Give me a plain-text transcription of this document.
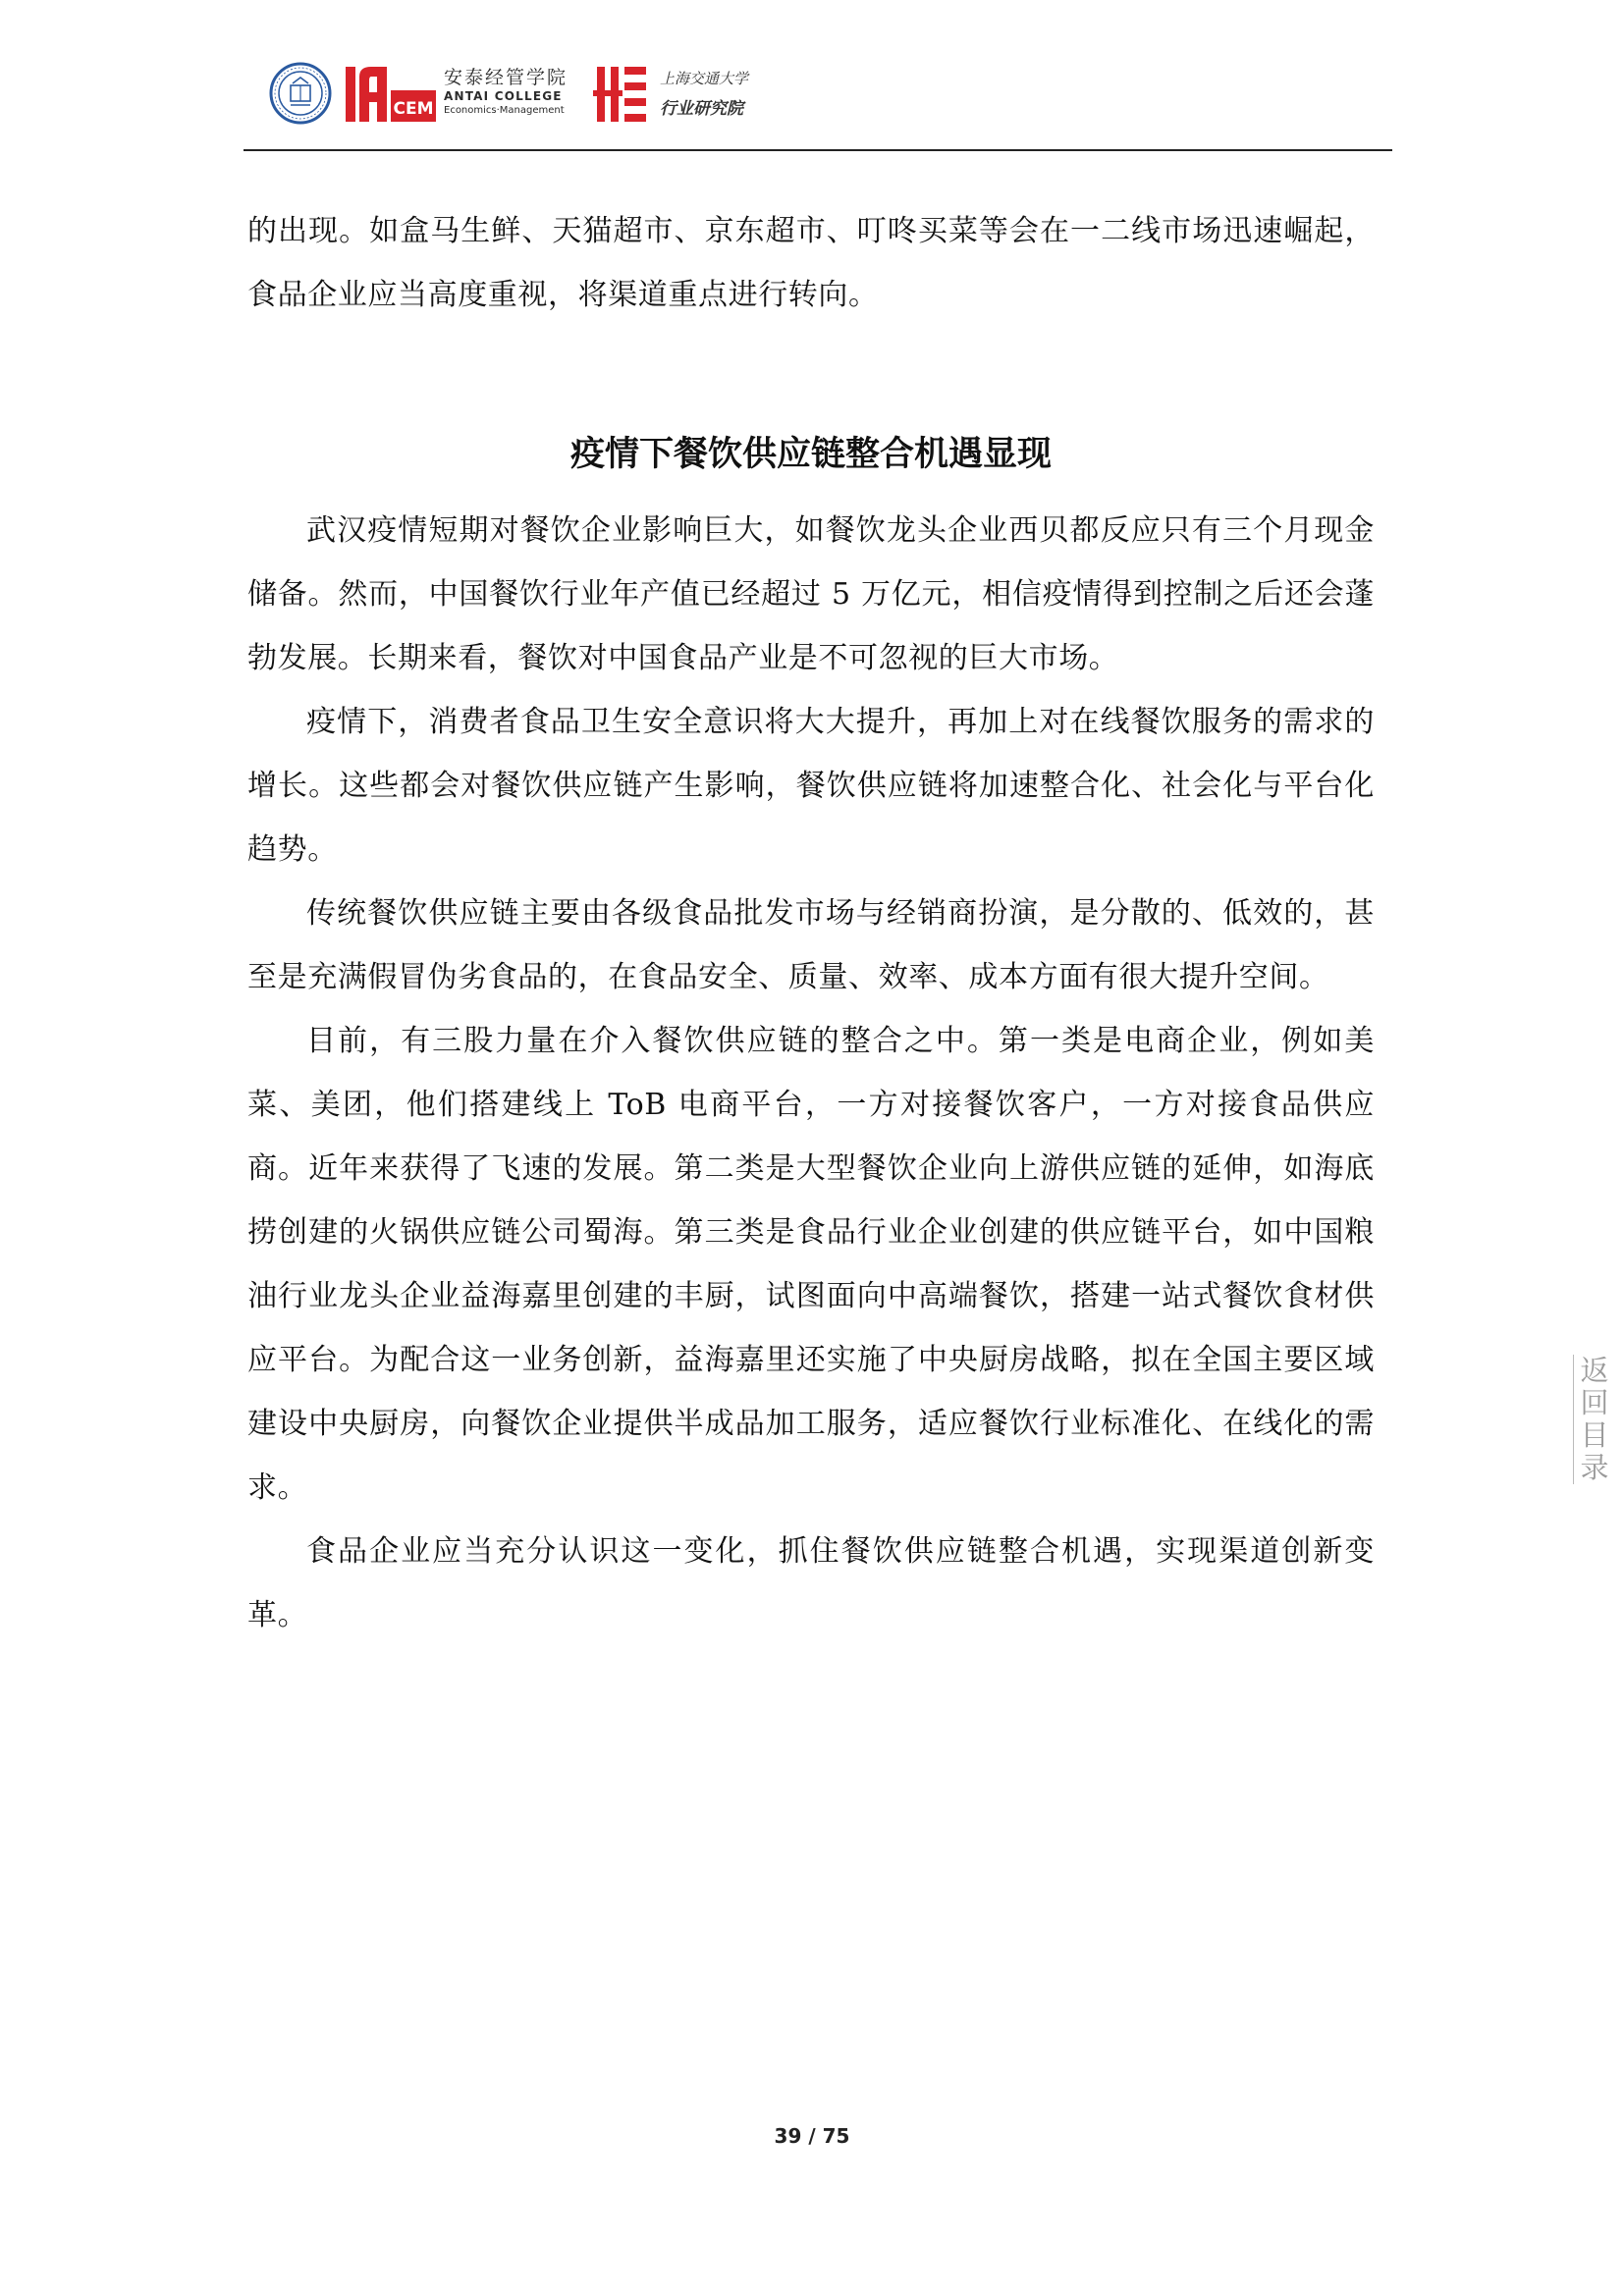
CEM
安泰经管学院
ANTAI COLLEGE
Economics·Management
上海交通大学
行业研究院

的出现。如盒马生鲜、天猫超市、京东超市、叮咚买菜等会在一二线市场迅速崛起，食品企业应当高度重视，将渠道重点进行转向。

疫情下餐饮供应链整合机遇显现

武汉疫情短期对餐饮企业影响巨大，如餐饮龙头企业西贝都反应只有三个月现金储备。然而，中国餐饮行业年产值已经超过 5 万亿元，相信疫情得到控制之后还会蓬勃发展。长期来看，餐饮对中国食品产业是不可忽视的巨大市场。

疫情下，消费者食品卫生安全意识将大大提升，再加上对在线餐饮服务的需求的增长。这些都会对餐饮供应链产生影响，餐饮供应链将加速整合化、社会化与平台化趋势。

传统餐饮供应链主要由各级食品批发市场与经销商扮演，是分散的、低效的，甚至是充满假冒伪劣食品的，在食品安全、质量、效率、成本方面有很大提升空间。

目前，有三股力量在介入餐饮供应链的整合之中。第一类是电商企业，例如美菜、美团，他们搭建线上 ToB 电商平台，一方对接餐饮客户，一方对接食品供应商。近年来获得了飞速的发展。第二类是大型餐饮企业向上游供应链的延伸，如海底捞创建的火锅供应链公司蜀海。第三类是食品行业企业创建的供应链平台，如中国粮油行业龙头企业益海嘉里创建的丰厨，试图面向中高端餐饮，搭建一站式餐饮食材供应平台。为配合这一业务创新，益海嘉里还实施了中央厨房战略，拟在全国主要区域建设中央厨房，向餐饮企业提供半成品加工服务，适应餐饮行业标准化、在线化的需求。

食品企业应当充分认识这一变化，抓住餐饮供应链整合机遇，实现渠道创新变革。

返
回
目
录
39 / 75
